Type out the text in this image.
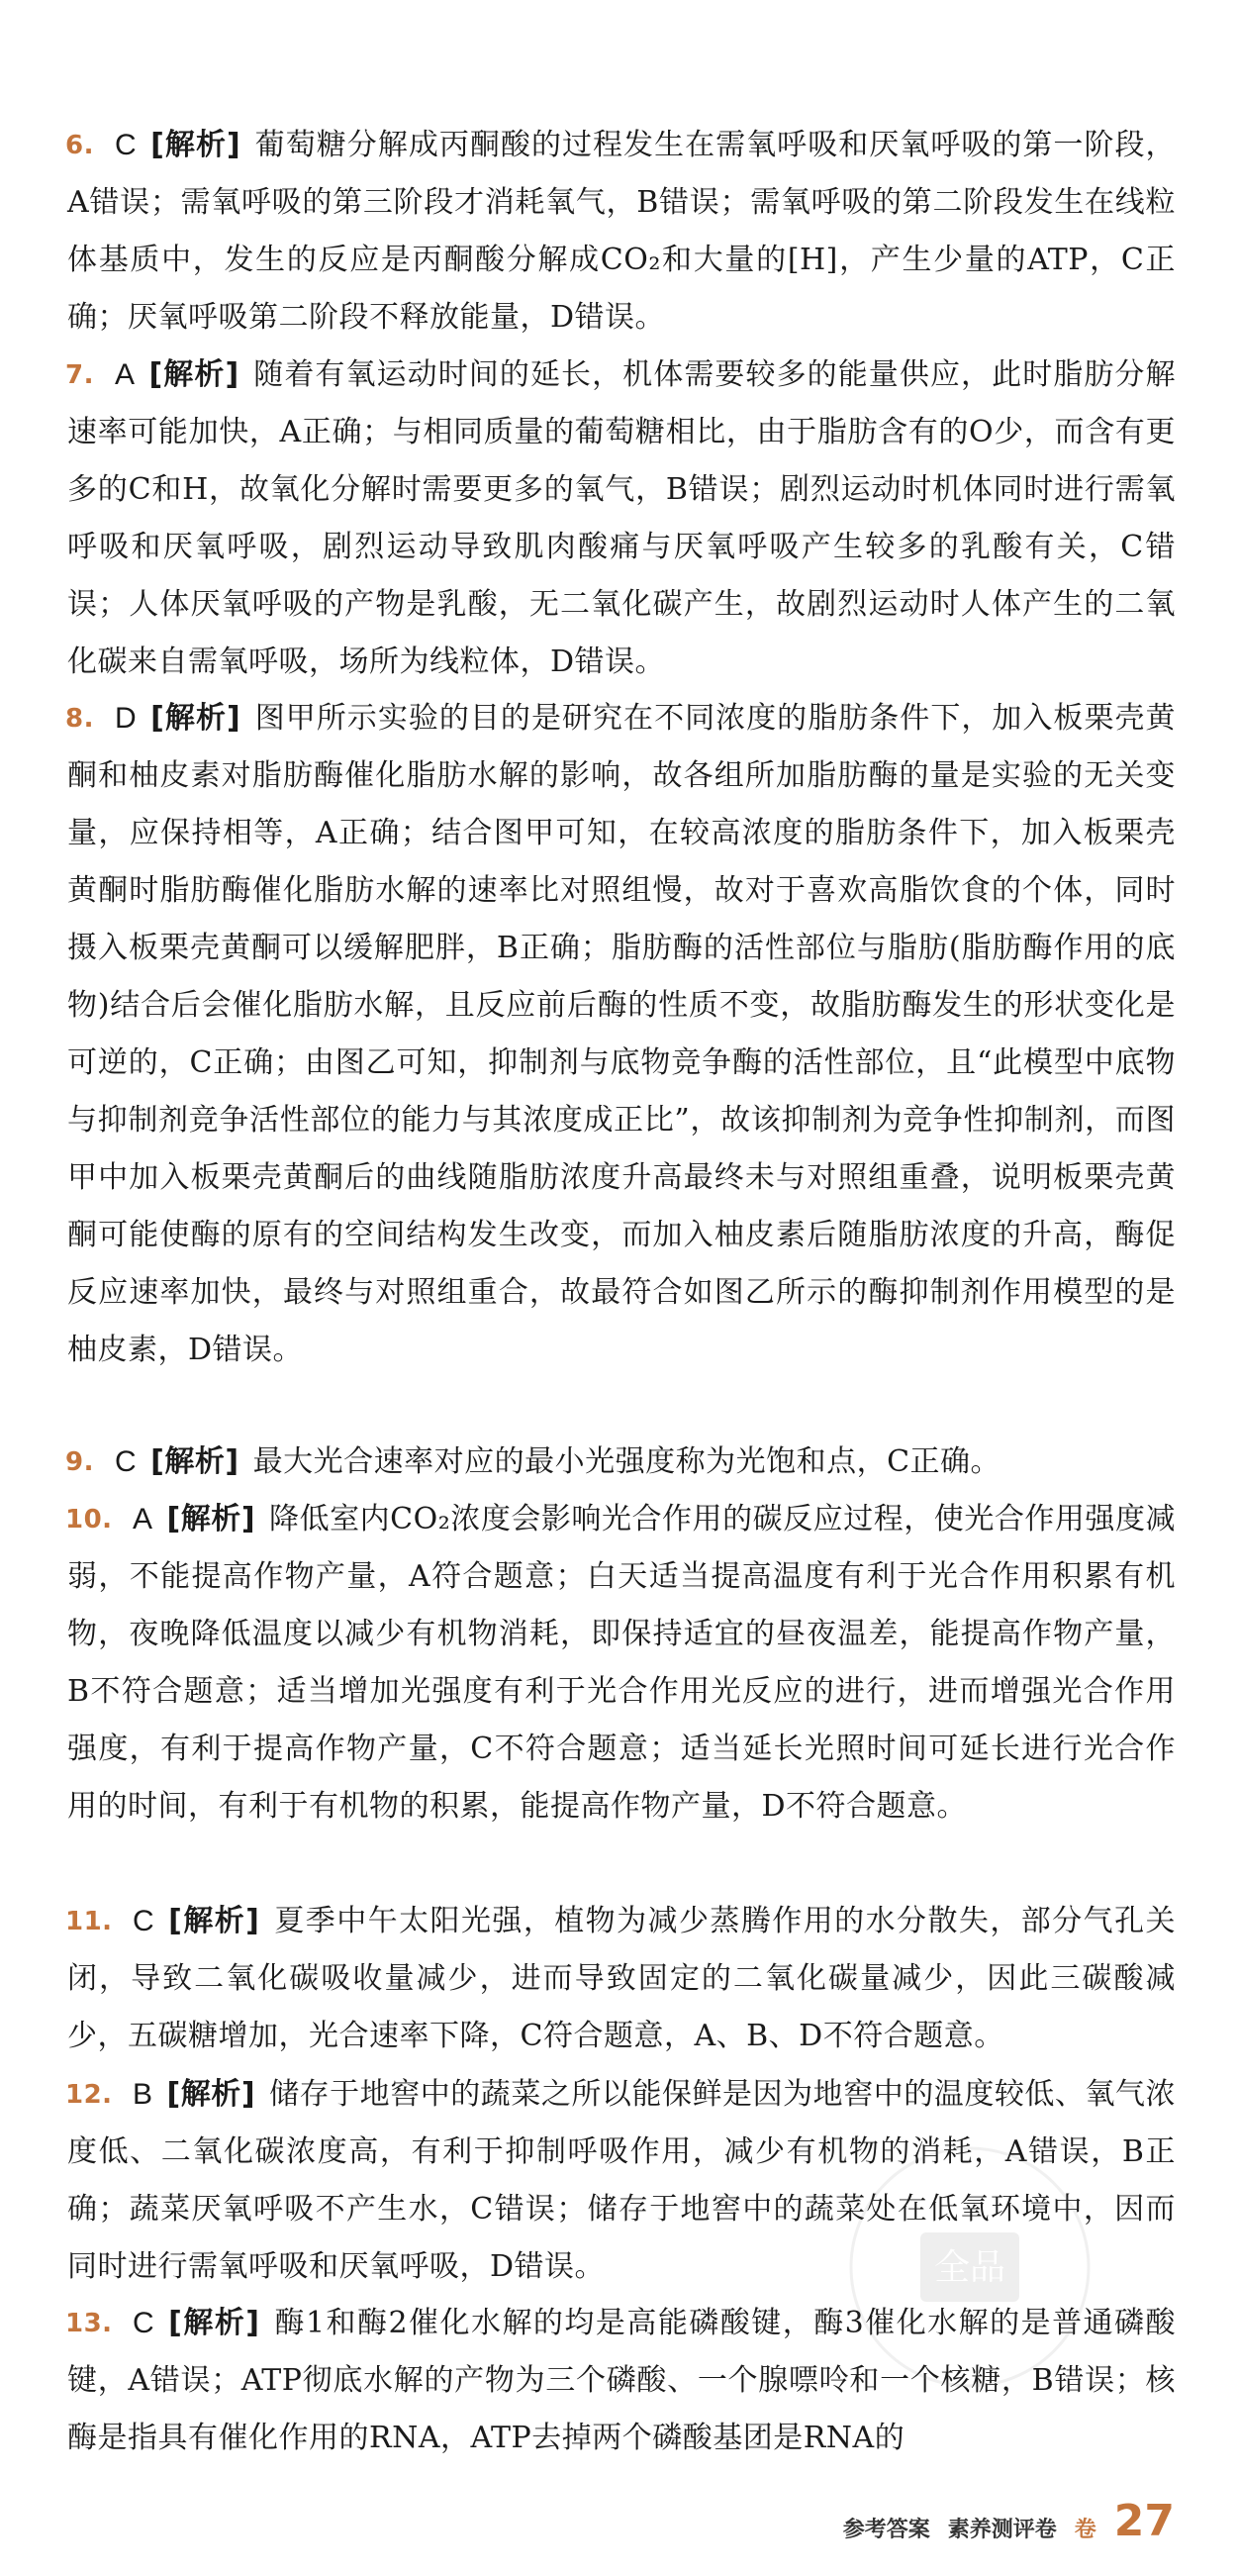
6. C [解析] 葡萄糖分解成丙酮酸的过程发生在需氧呼吸和厌氧呼吸的第一阶段，A错误；需氧呼吸的第三阶段才消耗氧气，B错误；需氧呼吸的第二阶段发生在线粒体基质中，发生的反应是丙酮酸分解成CO₂和大量的[H]，产生少量的ATP，C正确；厌氧呼吸第二阶段不释放能量，D错误。
7. A [解析] 随着有氧运动时间的延长，机体需要较多的能量供应，此时脂肪分解速率可能加快，A正确；与相同质量的葡萄糖相比，由于脂肪含有的O少，而含有更多的C和H，故氧化分解时需要更多的氧气，B错误；剧烈运动时机体同时进行需氧呼吸和厌氧呼吸，剧烈运动导致肌肉酸痛与厌氧呼吸产生较多的乳酸有关，C错误；人体厌氧呼吸的产物是乳酸，无二氧化碳产生，故剧烈运动时人体产生的二氧化碳来自需氧呼吸，场所为线粒体，D错误。
8. D [解析] 图甲所示实验的目的是研究在不同浓度的脂肪条件下，加入板栗壳黄酮和柚皮素对脂肪酶催化脂肪水解的影响，故各组所加脂肪酶的量是实验的无关变量，应保持相等，A正确；结合图甲可知，在较高浓度的脂肪条件下，加入板栗壳黄酮时脂肪酶催化脂肪水解的速率比对照组慢，故对于喜欢高脂饮食的个体，同时摄入板栗壳黄酮可以缓解肥胖，B正确；脂肪酶的活性部位与脂肪(脂肪酶作用的底物)结合后会催化脂肪水解，且反应前后酶的性质不变，故脂肪酶发生的形状变化是可逆的，C正确；由图乙可知，抑制剂与底物竞争酶的活性部位，且“此模型中底物与抑制剂竞争活性部位的能力与其浓度成正比”，故该抑制剂为竞争性抑制剂，而图甲中加入板栗壳黄酮后的曲线随脂肪浓度升高最终未与对照组重叠，说明板栗壳黄酮可能使酶的原有的空间结构发生改变，而加入柚皮素后随脂肪浓度的升高，酶促反应速率加快，最终与对照组重合，故最符合如图乙所示的酶抑制剂作用模型的是柚皮素，D错误。
9. C [解析] 最大光合速率对应的最小光强度称为光饱和点，C正确。
10. A [解析] 降低室内CO₂浓度会影响光合作用的碳反应过程，使光合作用强度减弱，不能提高作物产量，A符合题意；白天适当提高温度有利于光合作用积累有机物，夜晚降低温度以减少有机物消耗，即保持适宜的昼夜温差，能提高作物产量，B不符合题意；适当增加光强度有利于光合作用光反应的进行，进而增强光合作用强度，有利于提高作物产量，C不符合题意；适当延长光照时间可延长进行光合作用的时间，有利于有机物的积累，能提高作物产量，D不符合题意。
11. C [解析] 夏季中午太阳光强，植物为减少蒸腾作用的水分散失，部分气孔关闭，导致二氧化碳吸收量减少，进而导致固定的二氧化碳量减少，因此三碳酸减少，五碳糖增加，光合速率下降，C符合题意，A、B、D不符合题意。
12. B [解析] 储存于地窖中的蔬菜之所以能保鲜是因为地窖中的温度较低、氧气浓度低、二氧化碳浓度高，有利于抑制呼吸作用，减少有机物的消耗，A错误，B正确；蔬菜厌氧呼吸不产生水，C错误；储存于地窖中的蔬菜处在低氧环境中，因而同时进行需氧呼吸和厌氧呼吸，D错误。
13. C [解析] 酶1和酶2催化水解的均是高能磷酸键，酶3催化水解的是普通磷酸键，A错误；ATP彻底水解的产物为三个磷酸、一个腺嘌呤和一个核糖，B错误；核酶是指具有催化作用的RNA，ATP去掉两个磷酸基团是RNA的
全品
参考答案 素养测评卷 卷 27
